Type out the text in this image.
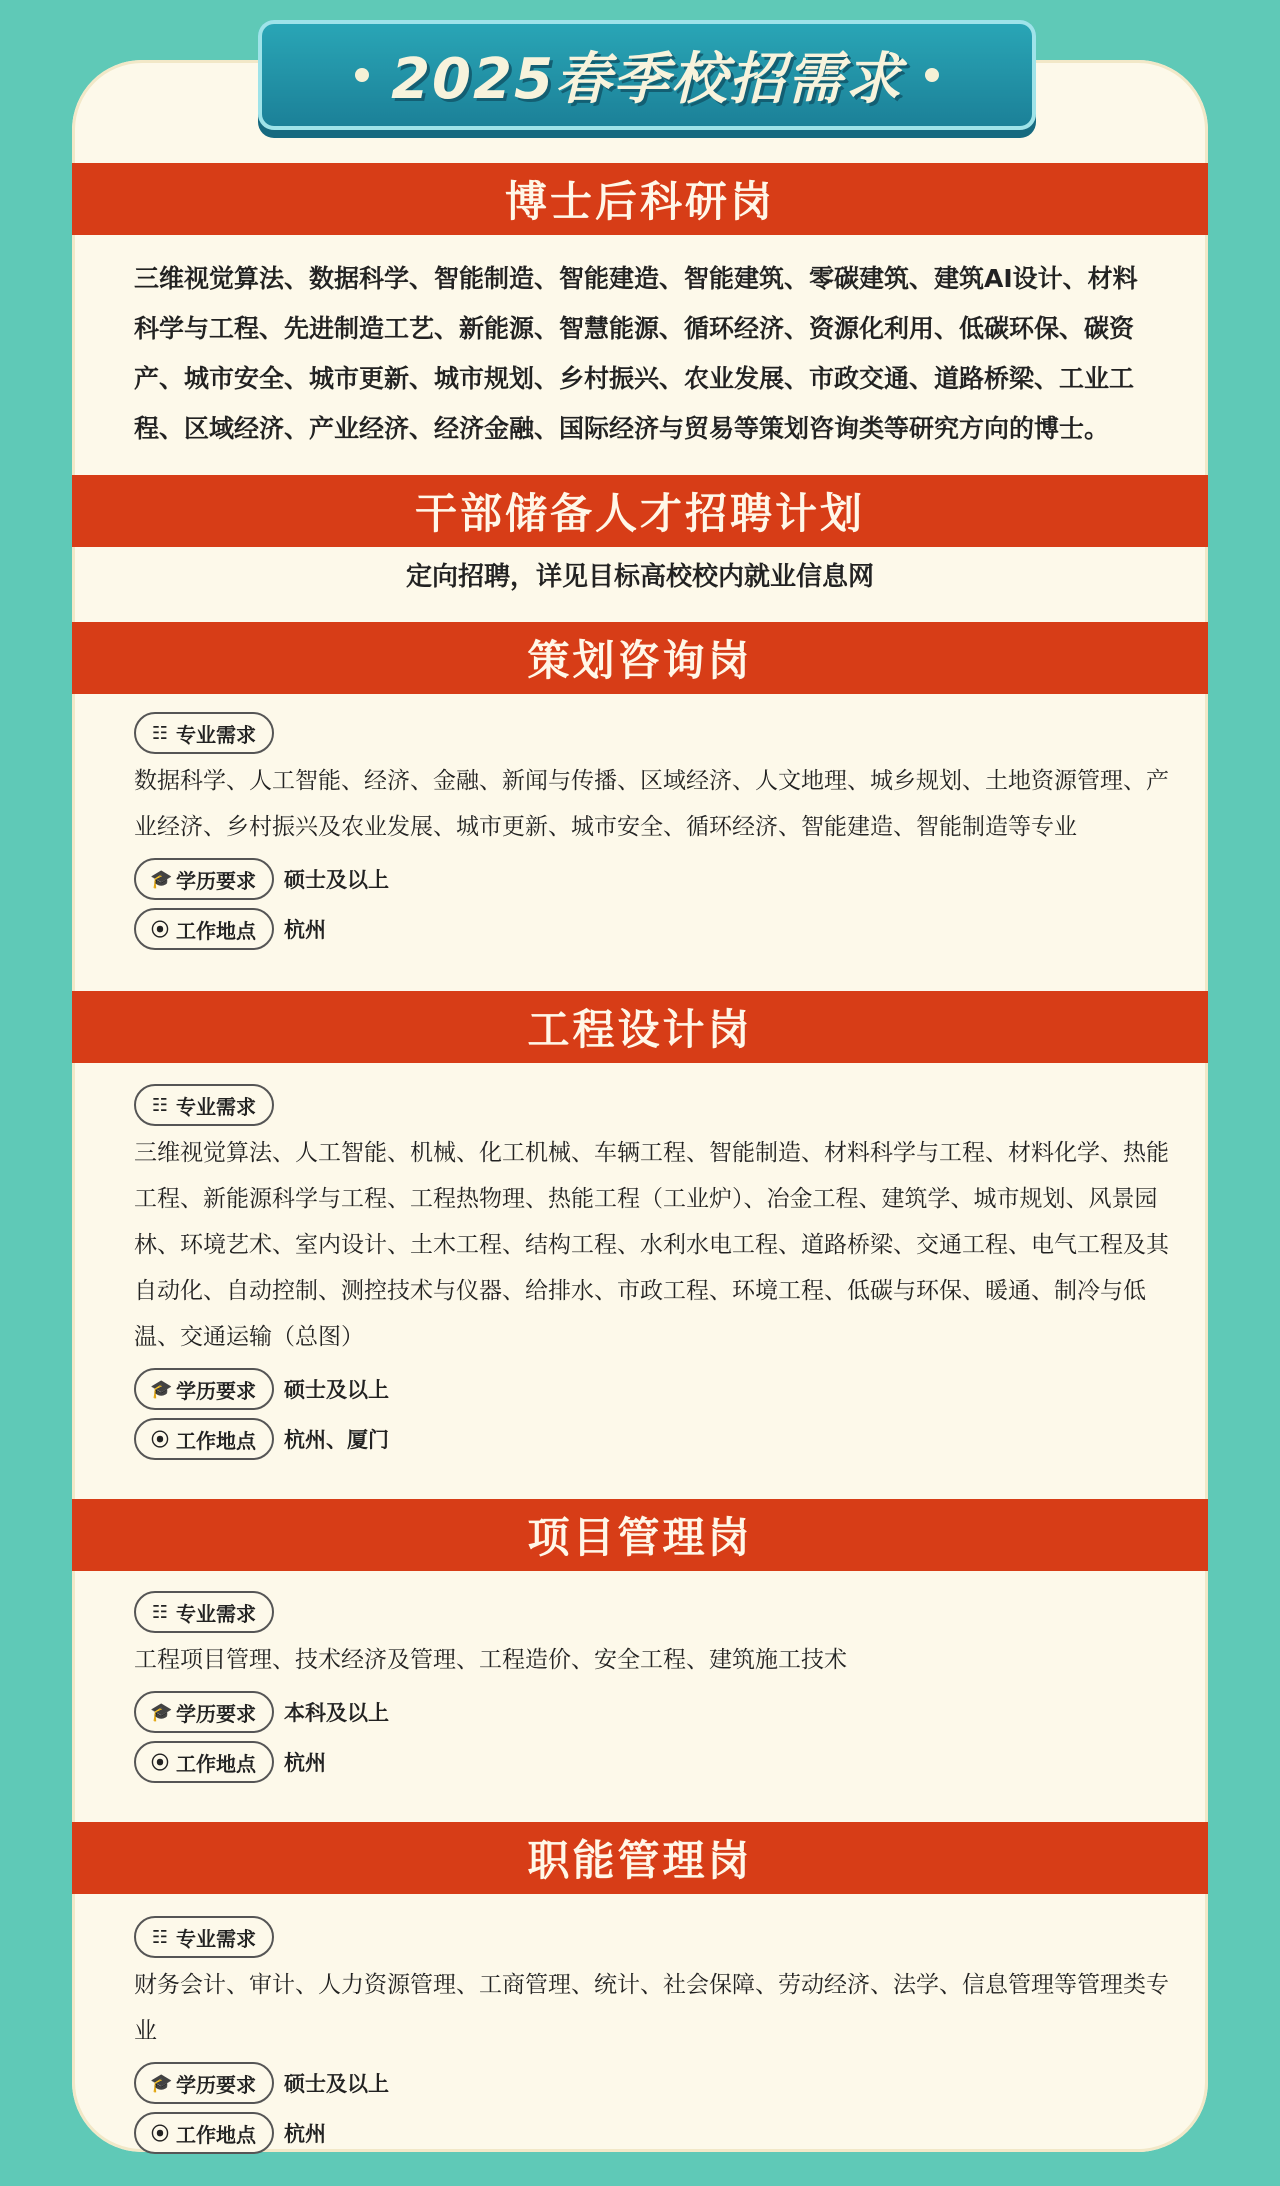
2025春季校招需求
博士后科研岗
三维视觉算法、数据科学、智能制造、智能建造、智能建筑、零碳建筑、建筑AI设计、材料科学与工程、先进制造工艺、新能源、智慧能源、循环经济、资源化利用、低碳环保、碳资产、城市安全、城市更新、城市规划、乡村振兴、农业发展、市政交通、道路桥梁、工业工程、区域经济、产业经济、经济金融、国际经济与贸易等策划咨询类等研究方向的博士。
干部储备人才招聘计划
定向招聘，详见目标高校校内就业信息网
策划咨询岗
☷ 专业需求
数据科学、人工智能、经济、金融、新闻与传播、区域经济、人文地理、城乡规划、土地资源管理、产业经济、乡村振兴及农业发展、城市更新、城市安全、循环经济、智能建造、智能制造等专业
🎓 学历要求 硕士及以上
⦿ 工作地点 杭州
工程设计岗
☷ 专业需求
三维视觉算法、人工智能、机械、化工机械、车辆工程、智能制造、材料科学与工程、材料化学、热能工程、新能源科学与工程、工程热物理、热能工程（工业炉）、冶金工程、建筑学、城市规划、风景园林、环境艺术、室内设计、土木工程、结构工程、水利水电工程、道路桥梁、交通工程、电气工程及其自动化、自动控制、测控技术与仪器、给排水、市政工程、环境工程、低碳与环保、暖通、制冷与低温、交通运输（总图）
🎓 学历要求 硕士及以上
⦿ 工作地点 杭州、厦门
项目管理岗
☷ 专业需求
工程项目管理、技术经济及管理、工程造价、安全工程、建筑施工技术
🎓 学历要求 本科及以上
⦿ 工作地点 杭州
职能管理岗
☷ 专业需求
财务会计、审计、人力资源管理、工商管理、统计、社会保障、劳动经济、法学、信息管理等管理类专业
🎓 学历要求 硕士及以上
⦿ 工作地点 杭州
